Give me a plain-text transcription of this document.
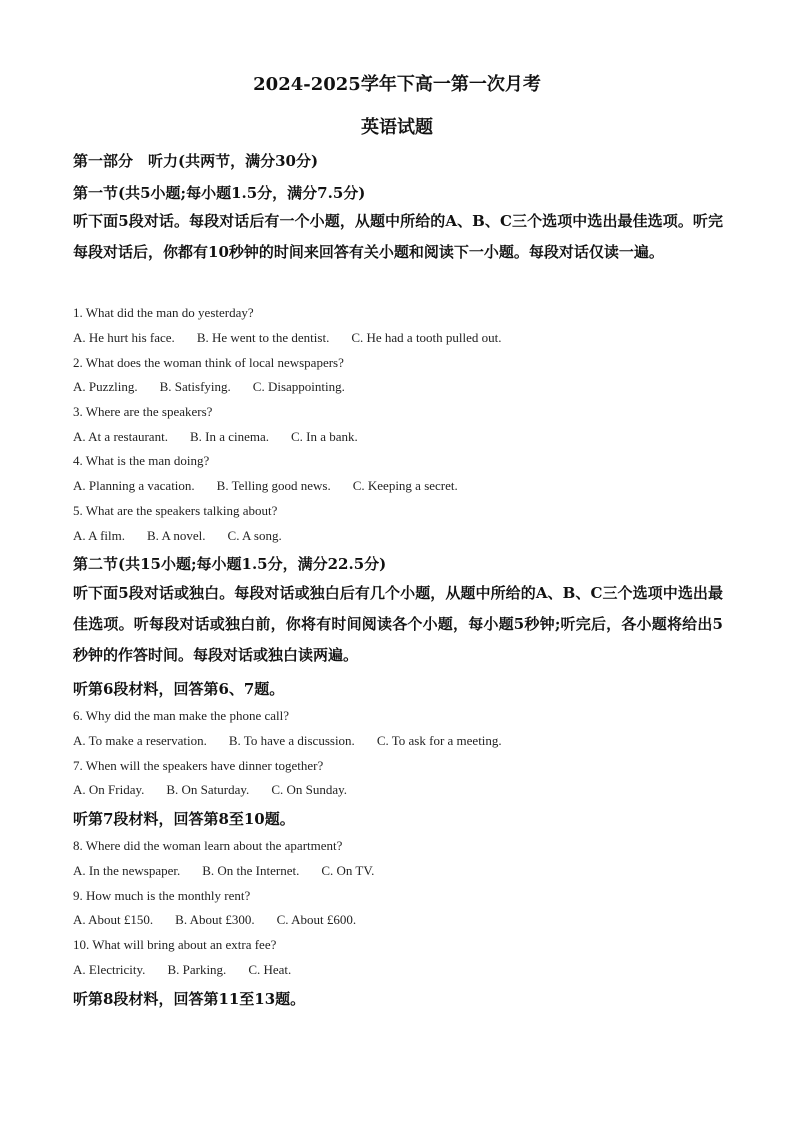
2024-2025学年下高一第一次月考
英语试题
第一部分　听力(共两节，满分30分)
第一节(共5小题;每小题1.5分，满分7.5分)
听下面5段对话。每段对话后有一个小题，从题中所给的A、B、C三个选项中选出最佳选项。听完每段对话后，你都有10秒钟的时间来回答有关小题和阅读下一小题。每段对话仅读一遍。
1. What did the man do yesterday?
A. He hurt his face. B. He went to the dentist. C. He had a tooth pulled out.
2. What does the woman think of local newspapers?
A. Puzzling. B. Satisfying. C. Disappointing.
3. Where are the speakers?
A. At a restaurant. B. In a cinema. C. In a bank.
4. What is the man doing?
A. Planning a vacation. B. Telling good news. C. Keeping a secret.
5. What are the speakers talking about?
A. A film. B. A novel. C. A song.
第二节(共15小题;每小题1.5分，满分22.5分)
听下面5段对话或独白。每段对话或独白后有几个小题，从题中所给的A、B、C三个选项中选出最佳选项。听每段对话或独白前，你将有时间阅读各个小题，每小题5秒钟;听完后，各小题将给出5秒钟的作答时间。每段对话或独白读两遍。
听第6段材料，回答第6、7题。
6. Why did the man make the phone call?
A. To make a reservation. B. To have a discussion. C. To ask for a meeting.
7. When will the speakers have dinner together?
A. On Friday. B. On Saturday. C. On Sunday.
听第7段材料，回答第8至10题。
8. Where did the woman learn about the apartment?
A. In the newspaper. B. On the Internet. C. On TV.
9. How much is the monthly rent?
A. About £150. B. About £300. C. About £600.
10. What will bring about an extra fee?
A. Electricity. B. Parking. C. Heat.
听第8段材料，回答第11至13题。
